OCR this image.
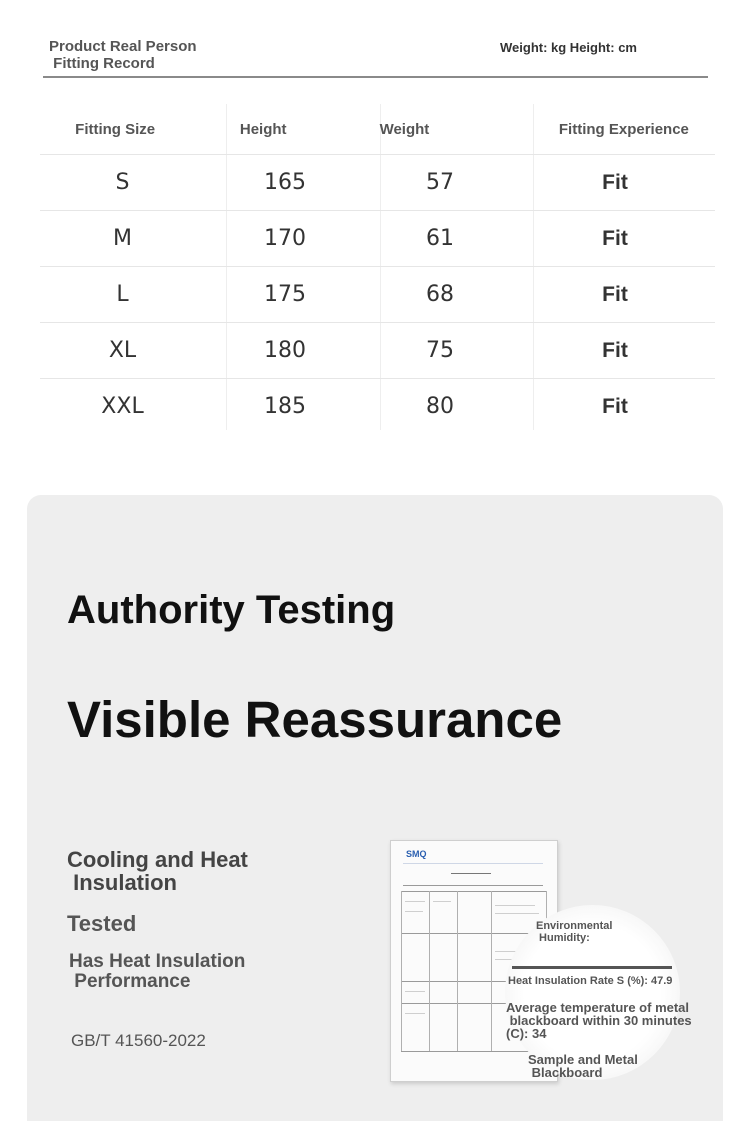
Product Real Person
Fitting Record
Weight: kg Height: cm
Fitting Size	Height	Weight	Fitting Experience
S	165	57	Fit
M	170	61	Fit
L	175	68	Fit
XL	180	75	Fit
XXL	185	80	Fit
Authority Testing
Visible Reassurance
Cooling and Heat
Insulation
Tested
Has Heat Insulation
Performance
GB/T 41560-2022
SMQ
Environmental
Humidity:
Heat Insulation Rate S (%): 47.9
Average temperature of metal
blackboard within 30 minutes
(C): 34
Sample and Metal
Blackboard
